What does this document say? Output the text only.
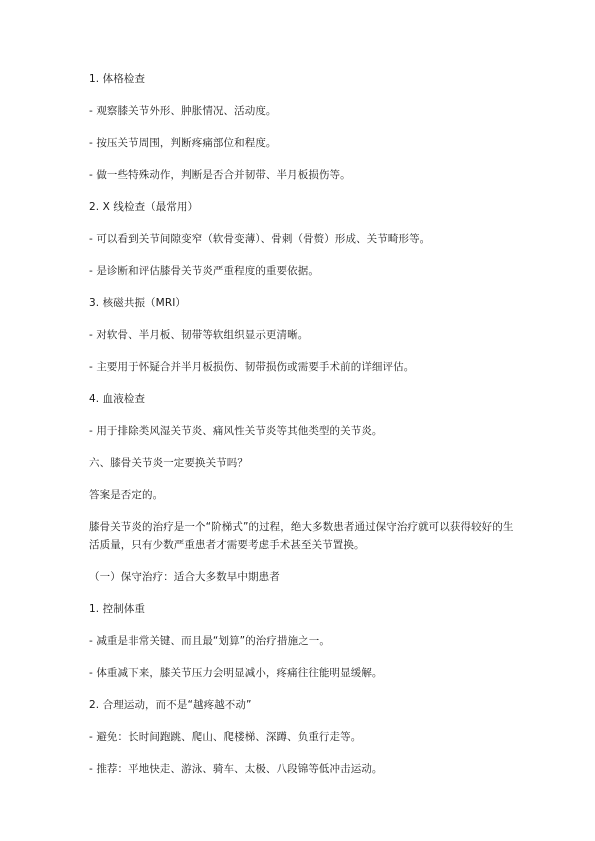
1. 体格检查
- 观察膝关节外形、肿胀情况、活动度。
- 按压关节周围，判断疼痛部位和程度。
- 做一些特殊动作，判断是否合并韧带、半月板损伤等。
2. X 线检查（最常用）
- 可以看到关节间隙变窄（软骨变薄）、骨刺（骨赘）形成、关节畸形等。
- 是诊断和评估膝骨关节炎严重程度的重要依据。
3. 核磁共振（MRI）
- 对软骨、半月板、韧带等软组织显示更清晰。
- 主要用于怀疑合并半月板损伤、韧带损伤或需要手术前的详细评估。
4. 血液检查
- 用于排除类风湿关节炎、痛风性关节炎等其他类型的关节炎。
六、膝骨关节炎一定要换关节吗？
答案是否定的。
膝骨关节炎的治疗是一个“阶梯式”的过程，绝大多数患者通过保守治疗就可以获得较好的生
活质量，只有少数严重患者才需要考虑手术甚至关节置换。
（一）保守治疗：适合大多数早中期患者
1. 控制体重
- 减重是非常关键、而且最“划算”的治疗措施之一。
- 体重减下来，膝关节压力会明显减小，疼痛往往能明显缓解。
2. 合理运动，而不是“越疼越不动”
- 避免：长时间跑跳、爬山、爬楼梯、深蹲、负重行走等。
- 推荐：平地快走、游泳、骑车、太极、八段锦等低冲击运动。
